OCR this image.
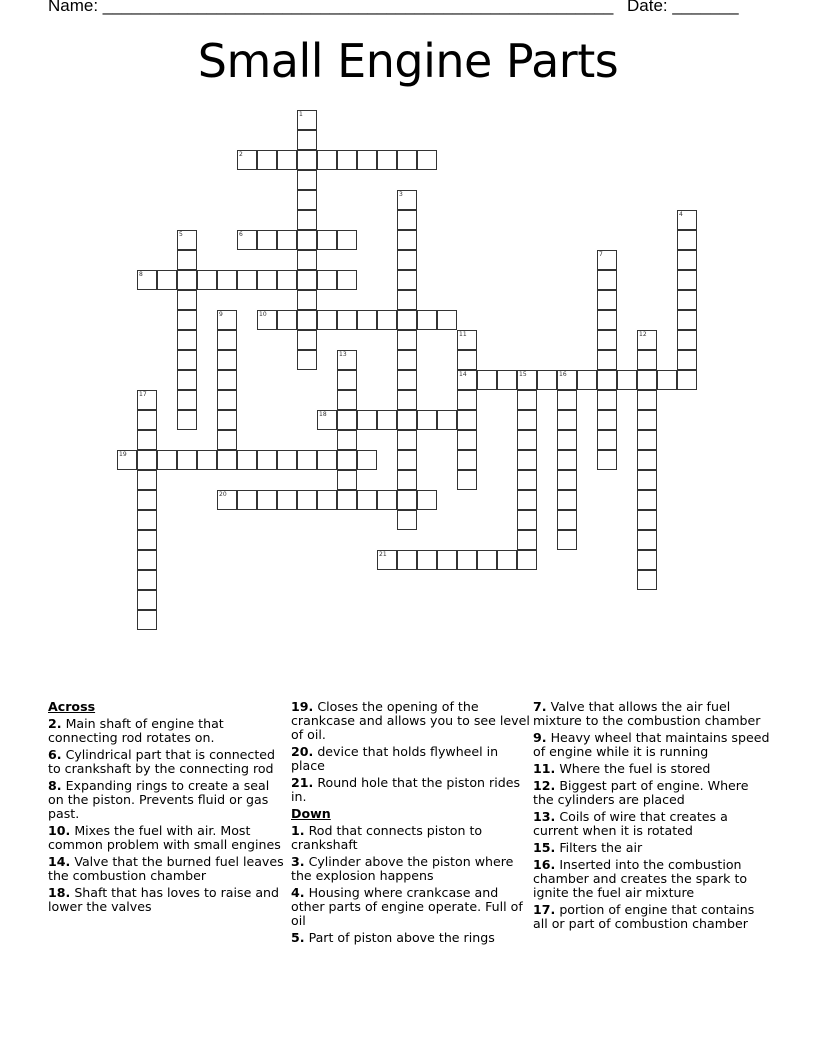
Name: ______________________________________________________ Date: _______
Small Engine Parts
2
6
8
10
14	15	16
18
19
20
21
1
3
4
5
7
9
11	12
13
17
Across
2. Main shaft of engine that connecting rod rotates on.
6. Cylindrical part that is connected to crankshaft by the connecting rod
8. Expanding rings to create a seal on the piston. Prevents fluid or gas past.
10. Mixes the fuel with air. Most common problem with small engines
14. Valve that the burned fuel leaves the combustion chamber
18. Shaft that has loves to raise and lower the valves
19. Closes the opening of the crankcase and allows you to see level of oil.
20. device that holds flywheel in place
21. Round hole that the piston rides in.
Down
1. Rod that connects piston to crankshaft
3. Cylinder above the piston where the explosion happens
4. Housing where crankcase and other parts of engine operate. Full of oil
5. Part of piston above the rings
7. Valve that allows the air fuel mixture to the combustion chamber
9. Heavy wheel that maintains speed of engine while it is running
11. Where the fuel is stored
12. Biggest part of engine. Where the cylinders are placed
13. Coils of wire that creates a current when it is rotated
15. Filters the air
16. Inserted into the combustion chamber and creates the spark to ignite the fuel air mixture
17. portion of engine that contains all or part of combustion chamber
